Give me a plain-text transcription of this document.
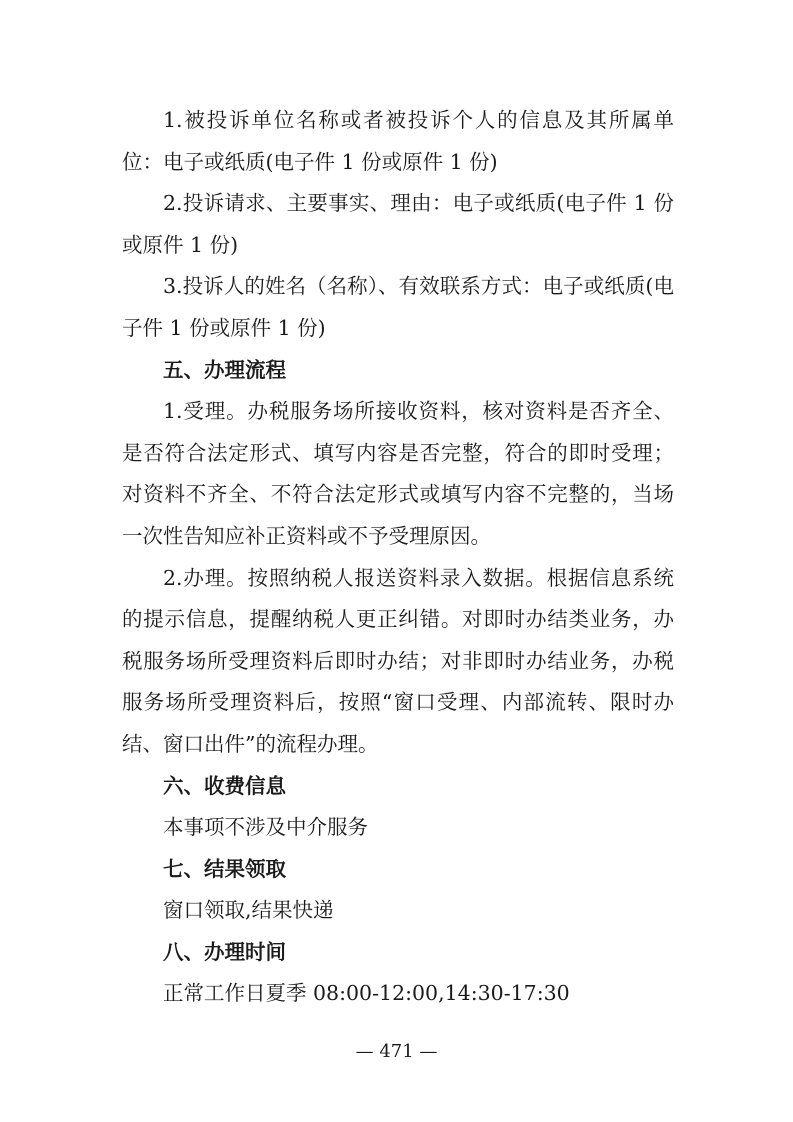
1.被投诉单位名称或者被投诉个人的信息及其所属单位：电子或纸质(电子件 1 份或原件 1 份)

2.投诉请求、主要事实、理由：电子或纸质(电子件 1 份或原件 1 份)

3.投诉人的姓名（名称）、有效联系方式：电子或纸质(电子件 1 份或原件 1 份)

五、办理流程

1.受理。办税服务场所接收资料，核对资料是否齐全、是否符合法定形式、填写内容是否完整，符合的即时受理；对资料不齐全、不符合法定形式或填写内容不完整的，当场一次性告知应补正资料或不予受理原因。

2.办理。按照纳税人报送资料录入数据。根据信息系统的提示信息，提醒纳税人更正纠错。对即时办结类业务，办税服务场所受理资料后即时办结；对非即时办结业务，办税服务场所受理资料后，按照“窗口受理、内部流转、限时办结、窗口出件”的流程办理。

六、收费信息

本事项不涉及中介服务

七、结果领取

窗口领取,结果快递

八、办理时间

正常工作日夏季 08:00-12:00,14:30-17:30

— 471 —
